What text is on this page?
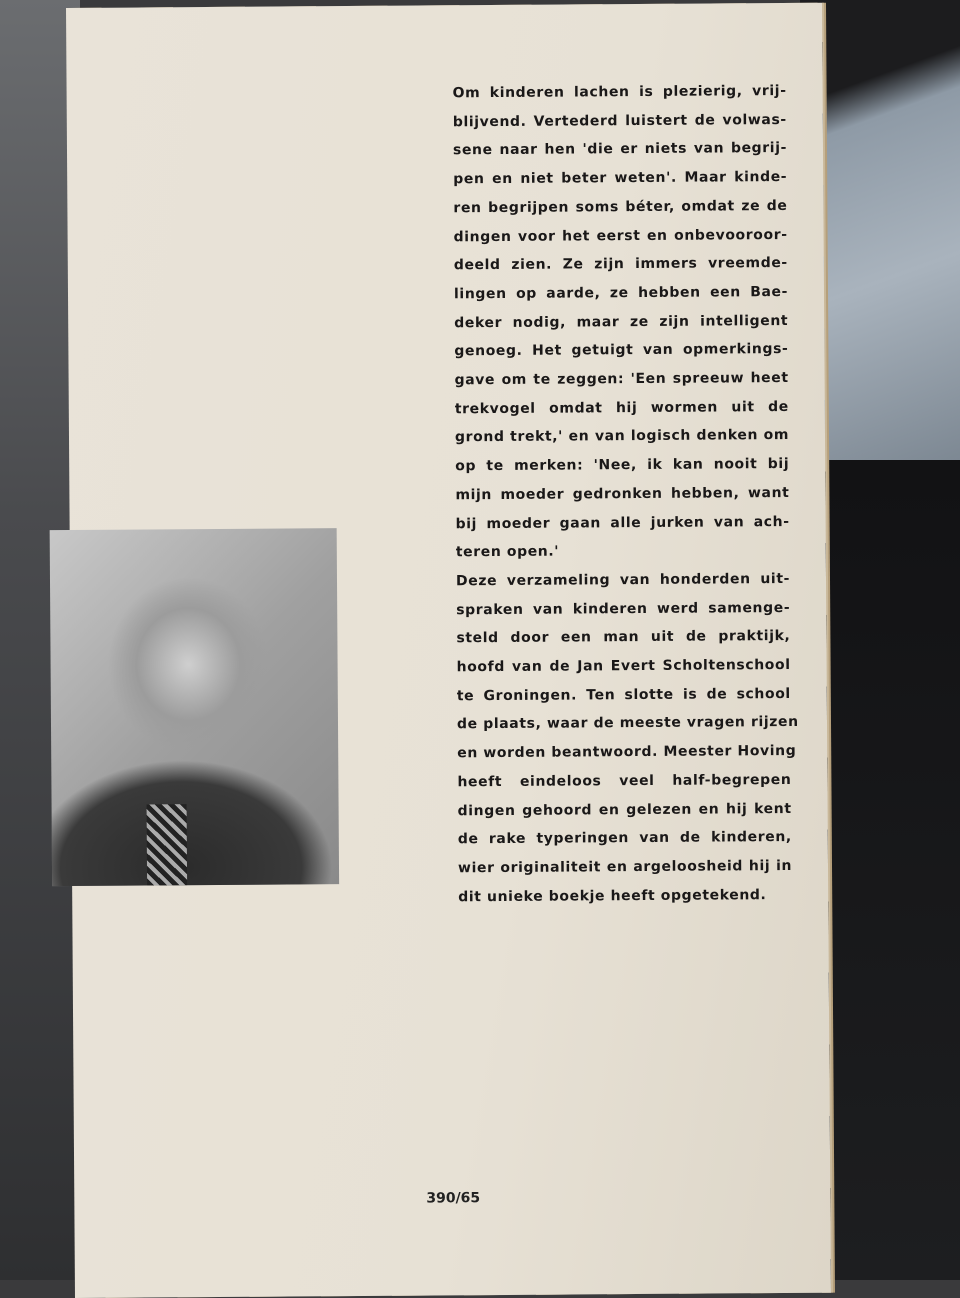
Om kinderen lachen is plezierig, vrij-
blijvend. Vertederd luistert de volwas-
sene naar hen 'die er niets van begrij-
pen en niet beter weten'. Maar kinde-
ren begrijpen soms béter, omdat ze de
dingen voor het eerst en onbevooroor-
deeld zien. Ze zijn immers vreemde-
lingen op aarde, ze hebben een Bae-
deker nodig, maar ze zijn intelligent
genoeg. Het getuigt van opmerkings-
gave om te zeggen: 'Een spreeuw heet
trekvogel omdat hij wormen uit de
grond trekt,' en van logisch denken om
op te merken: 'Nee, ik kan nooit bij
mijn moeder gedronken hebben, want
bij moeder gaan alle jurken van ach-
teren open.'
Deze verzameling van honderden uit-
spraken van kinderen werd samenge-
steld door een man uit de praktijk,
hoofd van de Jan Evert Scholtenschool
te Groningen. Ten slotte is de school
de plaats, waar de meeste vragen rijzen
en worden beantwoord. Meester Hoving
heeft eindeloos veel half-begrepen
dingen gehoord en gelezen en hij kent
de rake typeringen van de kinderen,
wier originaliteit en argeloosheid hij in
dit unieke boekje heeft opgetekend.
390/65
